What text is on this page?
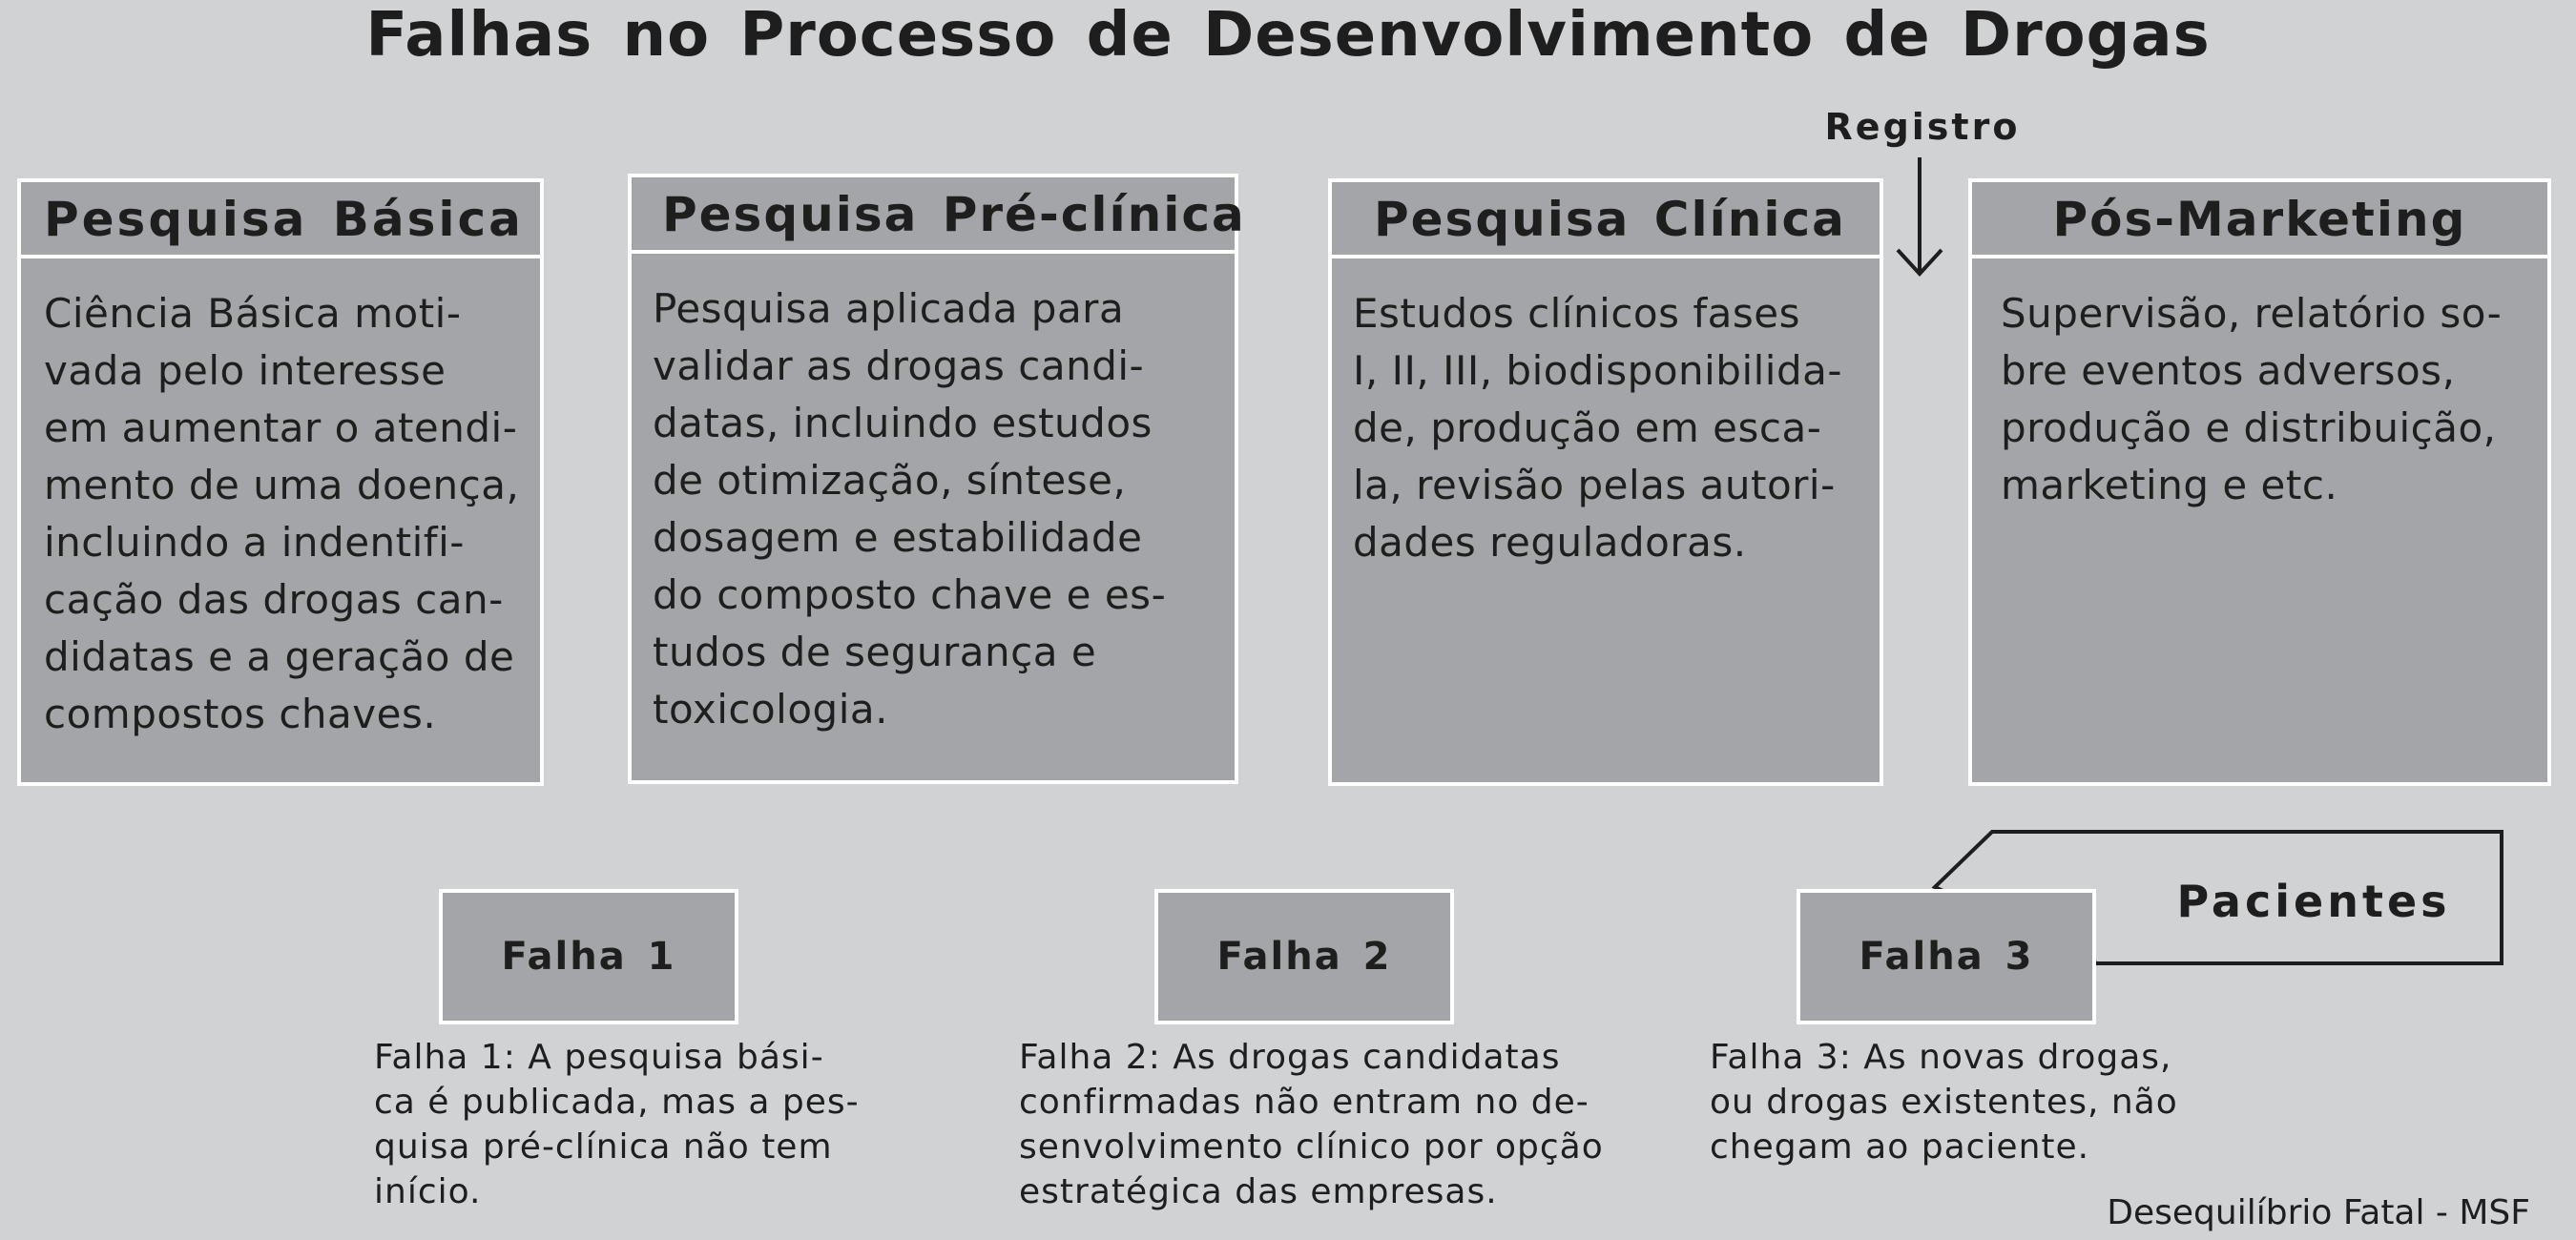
Falhas no Processo de Desenvolvimento de Drogas
Pesquisa Básica
Ciência Básica moti-
vada pelo interesse
em aumentar o atendi-
mento de uma doença,
incluindo a indentifi-
cação das drogas can-
didatas e a geração de
compostos chaves.
Pesquisa Pré-clínica
Pesquisa aplicada para
validar as drogas candi-
datas, incluindo estudos
de otimização, síntese,
dosagem e estabilidade
do composto chave e es-
tudos de segurança e
toxicologia.
Pesquisa Clínica
Estudos clínicos fases
I, II, III, biodisponibilida-
de, produção em esca-
la, revisão pelas autori-
dades reguladoras.
Pós-Marketing
Supervisão, relatório so-
bre eventos adversos,
produção e distribuição,
marketing e etc.
Registro
Falha 1	Falha 2	Falha 3
Pacientes
Falha 1: A pesquisa bási-
ca é publicada, mas a pes-
quisa pré-clínica não tem
início.
Falha 2: As drogas candidatas
confirmadas não entram no de-
senvolvimento clínico por opção
estratégica das empresas.
Falha 3: As novas drogas,
ou drogas existentes, não
chegam ao paciente.
Desequilíbrio Fatal - MSF
